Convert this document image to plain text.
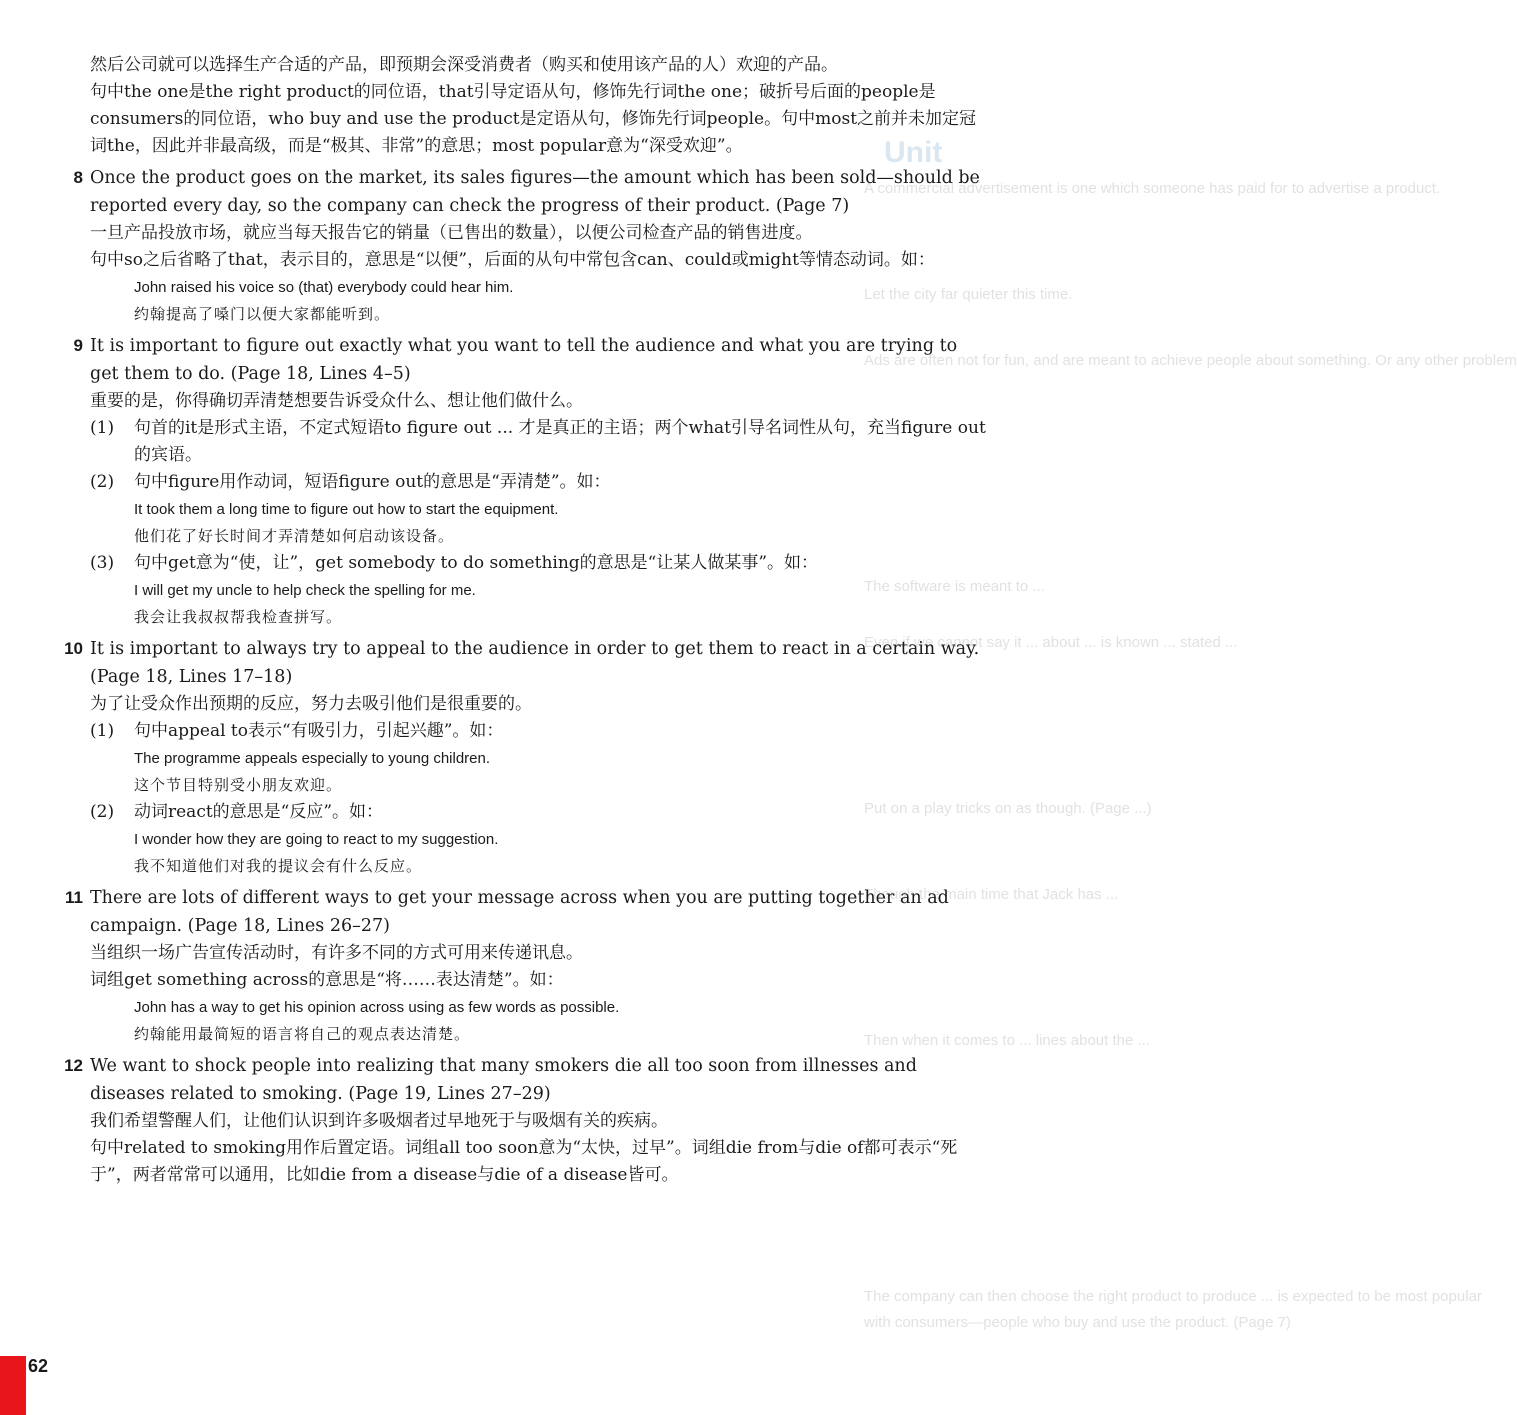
Unit
A commercial advertisement is one which someone has paid for to advertise a product.
Let the city far quieter this time.
Ads are often not for fun, and are meant to achieve people about something. Or any other problem
The software is meant to ...
Even if we cannot say it ... about ... is known ... stated ...
Put on a play tricks on as though. (Page ...)
Though the main time that Jack has ...
Then when it comes to ... lines about the ...
The company can then choose the right product to produce ... is expected to be most popular
with consumers—people who buy and use the product. (Page 7)

然后公司就可以选择生产合适的产品，即预期会深受消费者（购买和使用该产品的人）欢迎的产品。

句中the one是the right product的同位语，that引导定语从句，修饰先行词the one；破折号后面的people是consumers的同位语，who buy and use the product是定语从句，修饰先行词people。句中most之前并未加定冠词the，因此并非最高级，而是“极其、非常”的意思；most popular意为“深受欢迎”。

8 Once the product goes on the market, its sales figures—the amount which has been sold—should be reported every day, so the company can check the progress of their product. (Page 7)

一旦产品投放市场，就应当每天报告它的销量（已售出的数量），以便公司检查产品的销售进度。

句中so之后省略了that，表示目的，意思是“以便”，后面的从句中常包含can、could或might等情态动词。如：

John raised his voice so (that) everybody could hear him.

约翰提高了嗓门以便大家都能听到。

9 It is important to figure out exactly what you want to tell the audience and what you are trying to get them to do. (Page 18, Lines 4–5)

重要的是，你得确切弄清楚想要告诉受众什么、想让他们做什么。

(1) 句首的it是形式主语，不定式短语to figure out ... 才是真正的主语；两个what引导名词性从句，充当figure out的宾语。

(2) 句中figure用作动词，短语figure out的意思是“弄清楚”。如：

It took them a long time to figure out how to start the equipment.

他们花了好长时间才弄清楚如何启动该设备。

(3) 句中get意为“使，让”，get somebody to do something的意思是“让某人做某事”。如：

I will get my uncle to help check the spelling for me.

我会让我叔叔帮我检查拼写。

10 It is important to always try to appeal to the audience in order to get them to react in a certain way. (Page 18, Lines 17–18)

为了让受众作出预期的反应，努力去吸引他们是很重要的。

(1) 句中appeal to表示“有吸引力，引起兴趣”。如：

The programme appeals especially to young children.

这个节目特别受小朋友欢迎。

(2) 动词react的意思是“反应”。如：

I wonder how they are going to react to my suggestion.

我不知道他们对我的提议会有什么反应。

11 There are lots of different ways to get your message across when you are putting together an ad campaign. (Page 18, Lines 26–27)

当组织一场广告宣传活动时，有许多不同的方式可用来传递讯息。

词组get something across的意思是“将……表达清楚”。如：

John has a way to get his opinion across using as few words as possible.

约翰能用最简短的语言将自己的观点表达清楚。

12 We want to shock people into realizing that many smokers die all too soon from illnesses and diseases related to smoking. (Page 19, Lines 27–29)

我们希望警醒人们，让他们认识到许多吸烟者过早地死于与吸烟有关的疾病。

句中related to smoking用作后置定语。词组all too soon意为“太快，过早”。词组die from与die of都可表示“死于”，两者常常可以通用，比如die from a disease与die of a disease皆可。

62
